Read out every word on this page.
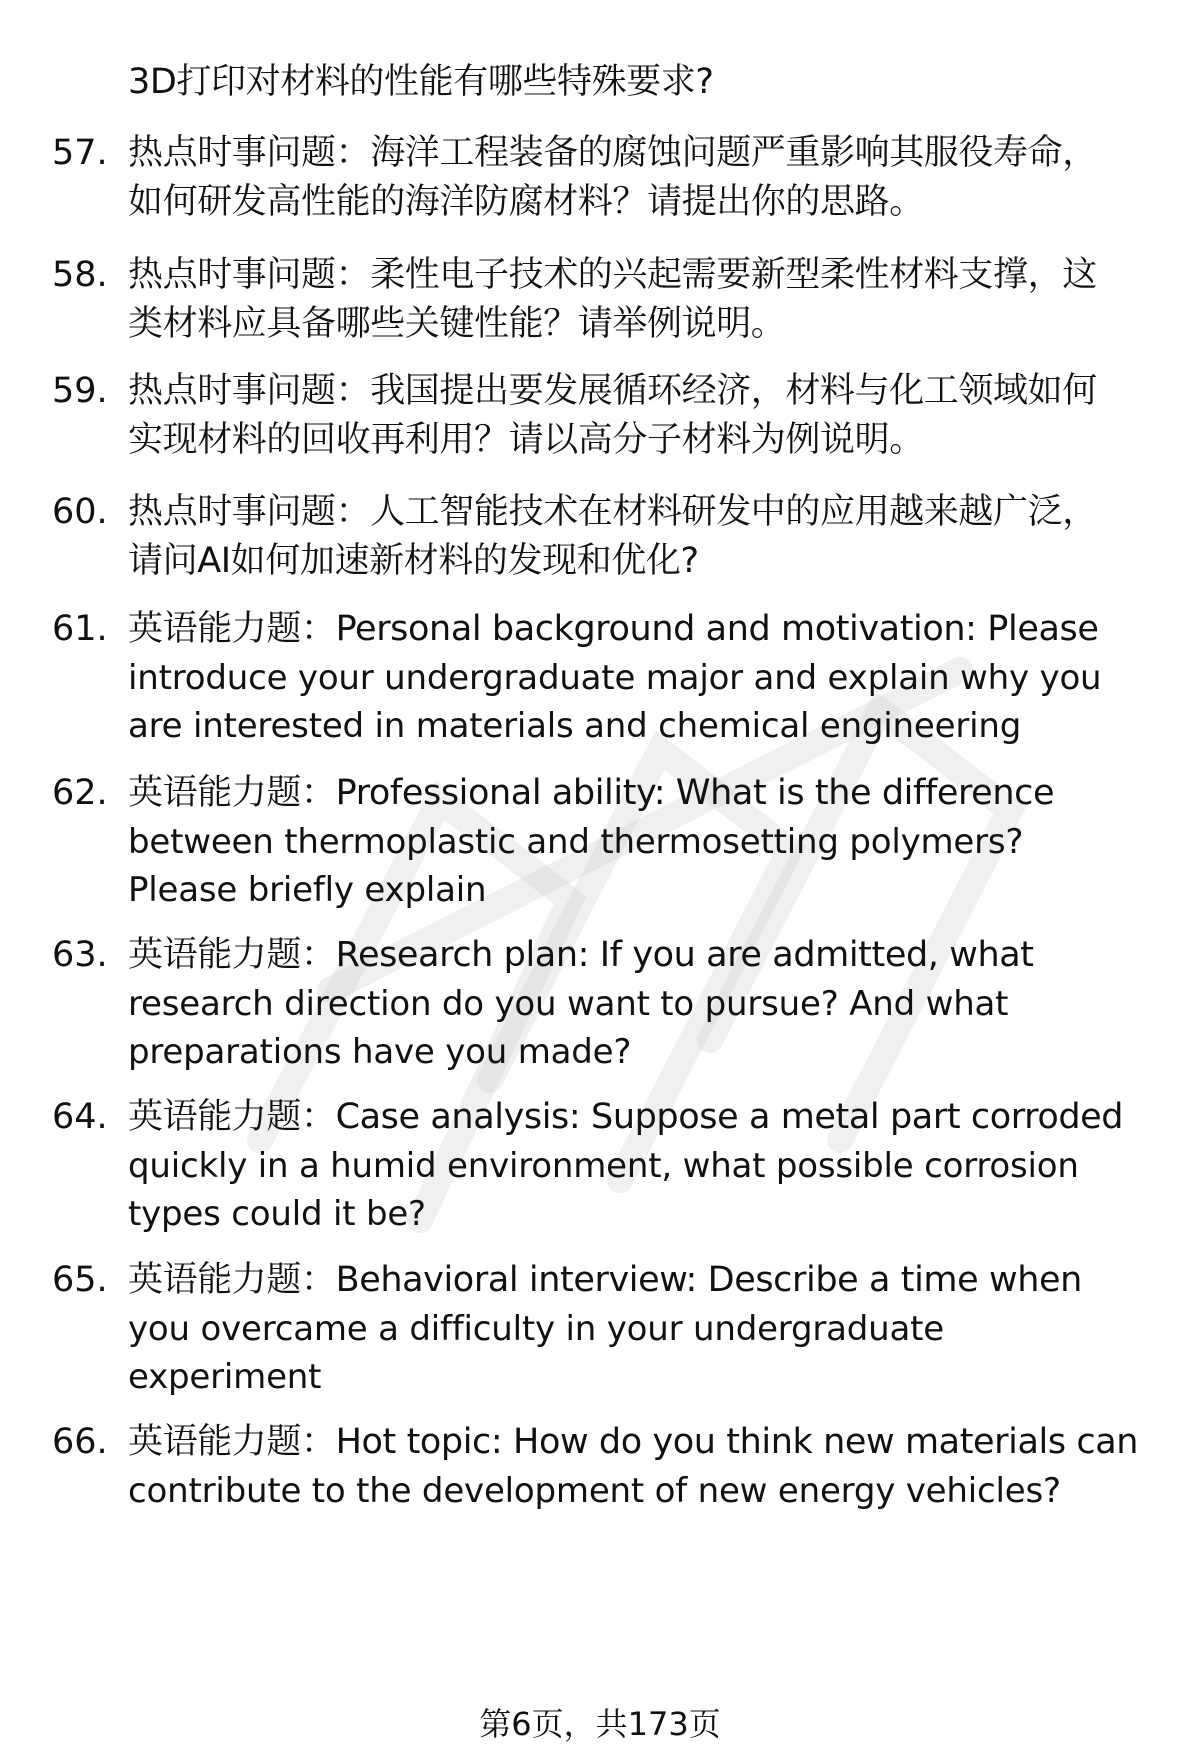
3D打印对材料的性能有哪些特殊要求?
57. 热点时事问题：海洋工程装备的腐蚀问题严重影响其服役寿命，
如何研发高性能的海洋防腐材料？请提出你的思路。
58. 热点时事问题：柔性电子技术的兴起需要新型柔性材料支撑，这
类材料应具备哪些关键性能？请举例说明。
59. 热点时事问题：我国提出要发展循环经济，材料与化工领域如何
实现材料的回收再利用？请以高分子材料为例说明。
60. 热点时事问题：人工智能技术在材料研发中的应用越来越广泛，
请问AI如何加速新材料的发现和优化?
61. 英语能力题：Personal background and motivation: Please
introduce your undergraduate major and explain why you
are interested in materials and chemical engineering
62. 英语能力题：Professional ability: What is the difference
between thermoplastic and thermosetting polymers?
Please briefly explain
63. 英语能力题：Research plan: If you are admitted, what
research direction do you want to pursue? And what
preparations have you made?
64. 英语能力题：Case analysis: Suppose a metal part corroded
quickly in a humid environment, what possible corrosion
types could it be?
65. 英语能力题：Behavioral interview: Describe a time when
you overcame a difficulty in your undergraduate
experiment
66. 英语能力题：Hot topic: How do you think new materials can
contribute to the development of new energy vehicles?
第6页，共173页
